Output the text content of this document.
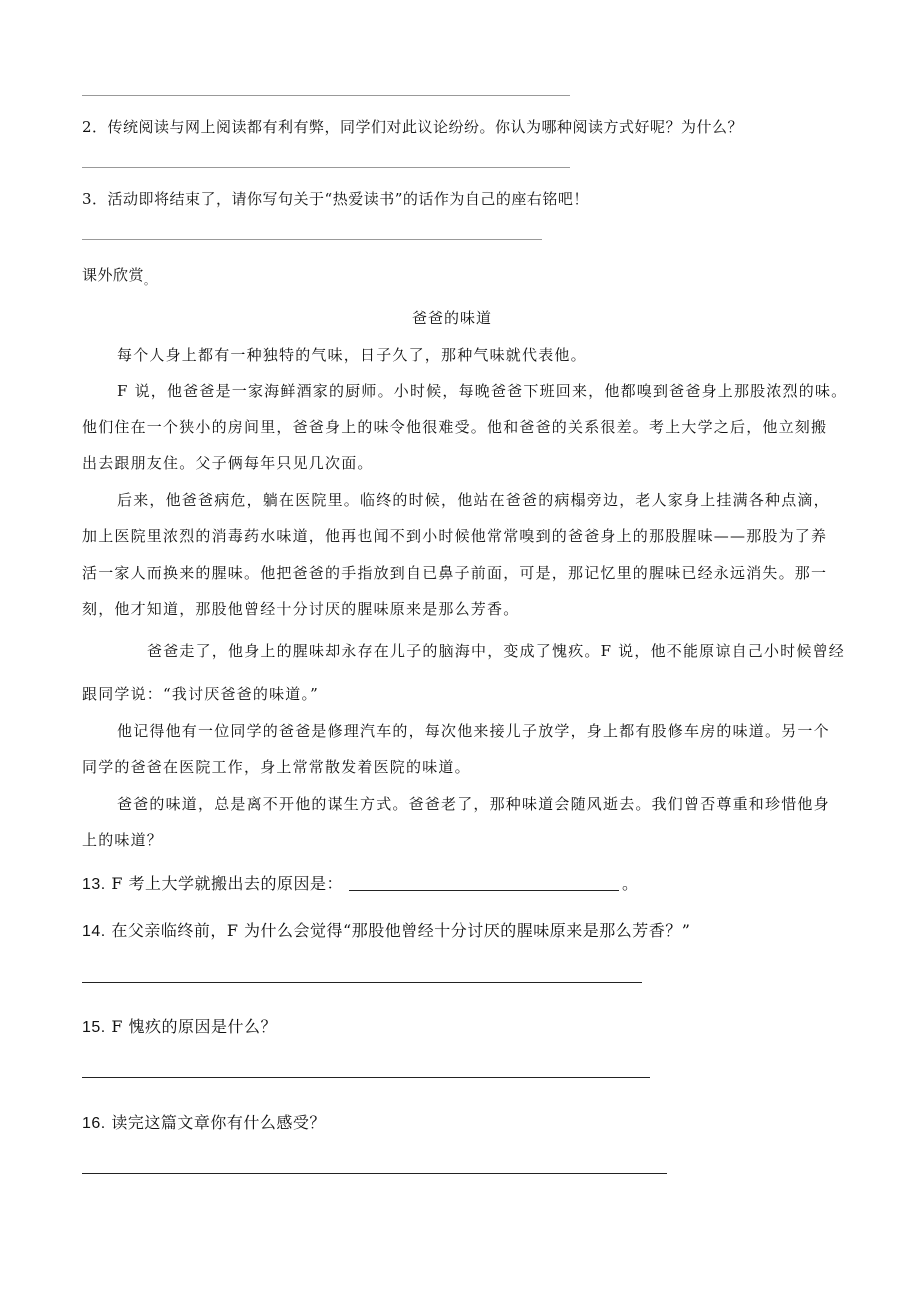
2．传统阅读与网上阅读都有利有弊，同学们对此议论纷纷。你认为哪种阅读方式好呢？为什么？
3．活动即将结束了，请你写句关于“热爱读书”的话作为自己的座右铭吧！
课外欣赏$_。$
爸爸的味道
每个人身上都有一种独特的气味，日子久了，那种气味就代表他。
F 说，他爸爸是一家海鲜酒家的厨师。小时候，每晚爸爸下班回来，他都嗅到爸爸身上那股浓烈的味。
他们住在一个狭小的房间里，爸爸身上的味令他很难受。他和爸爸的关系很差。考上大学之后，他立刻搬
出去跟朋友住。父子俩每年只见几次面。
后来，他爸爸病危，躺在医院里。临终的时候，他站在爸爸的病榻旁边，老人家身上挂满各种点滴，
加上医院里浓烈的消毒药水味道，他再也闻不到小时候他常常嗅到的爸爸身上的那股腥味——那股为了养
活一家人而换来的腥味。他把爸爸的手指放到自已鼻子前面，可是，那记忆里的腥味已经永远消失。那一
刻，他才知道，那股他曾经十分讨厌的腥味原来是那么芳香。
爸爸走了，他身上的腥味却永存在儿子的脑海中，变成了愧疚。F 说，他不能原谅自己小时候曾经
跟同学说：“我讨厌爸爸的味道。”
他记得他有一位同学的爸爸是修理汽车的，每次他来接儿子放学，身上都有股修车房的味道。另一个
同学的爸爸在医院工作，身上常常散发着医院的味道。
爸爸的味道，总是离不开他的谋生方式。爸爸老了，那种味道会随风逝去。我们曾否尊重和珍惜他身
上的味道？
13. F 考上大学就搬出去的原因是：	。
14. 在父亲临终前，F 为什么会觉得“那股他曾经十分讨厌的腥味原来是那么芳香？”
15. F 愧疚的原因是什么？
16. 读完这篇文章你有什么感受？
